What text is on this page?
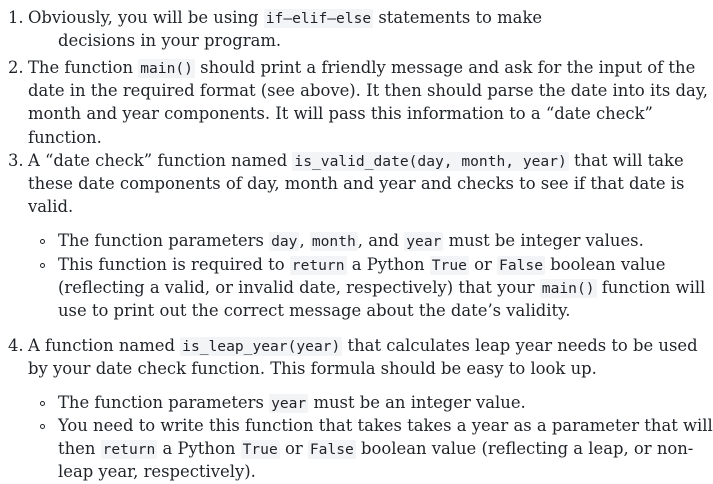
1. Obviously, you will be using if–elif–else statements to make
decisions in your program.
2. The function main() should print a friendly message and ask for the input of the
date in the required format (see above). It then should parse the date into its day,
month and year components. It will pass this information to a “date check”
function.
3. A “date check” function named is_valid_date(day, month, year) that will take
these date components of day, month and year and checks to see if that date is
valid.
The function parameters day , month , and year must be integer values.
This function is required to return a Python True or False boolean value
(reflecting a valid, or invalid date, respectively) that your main() function will
use to print out the correct message about the date’s validity.
4. A function named is_leap_year(year) that calculates leap year needs to be used
by your date check function. This formula should be easy to look up.
The function parameters year must be an integer value.
You need to write this function that takes takes a year as a parameter that will
then return a Python True or False boolean value (reflecting a leap, or non-
leap year, respectively).
